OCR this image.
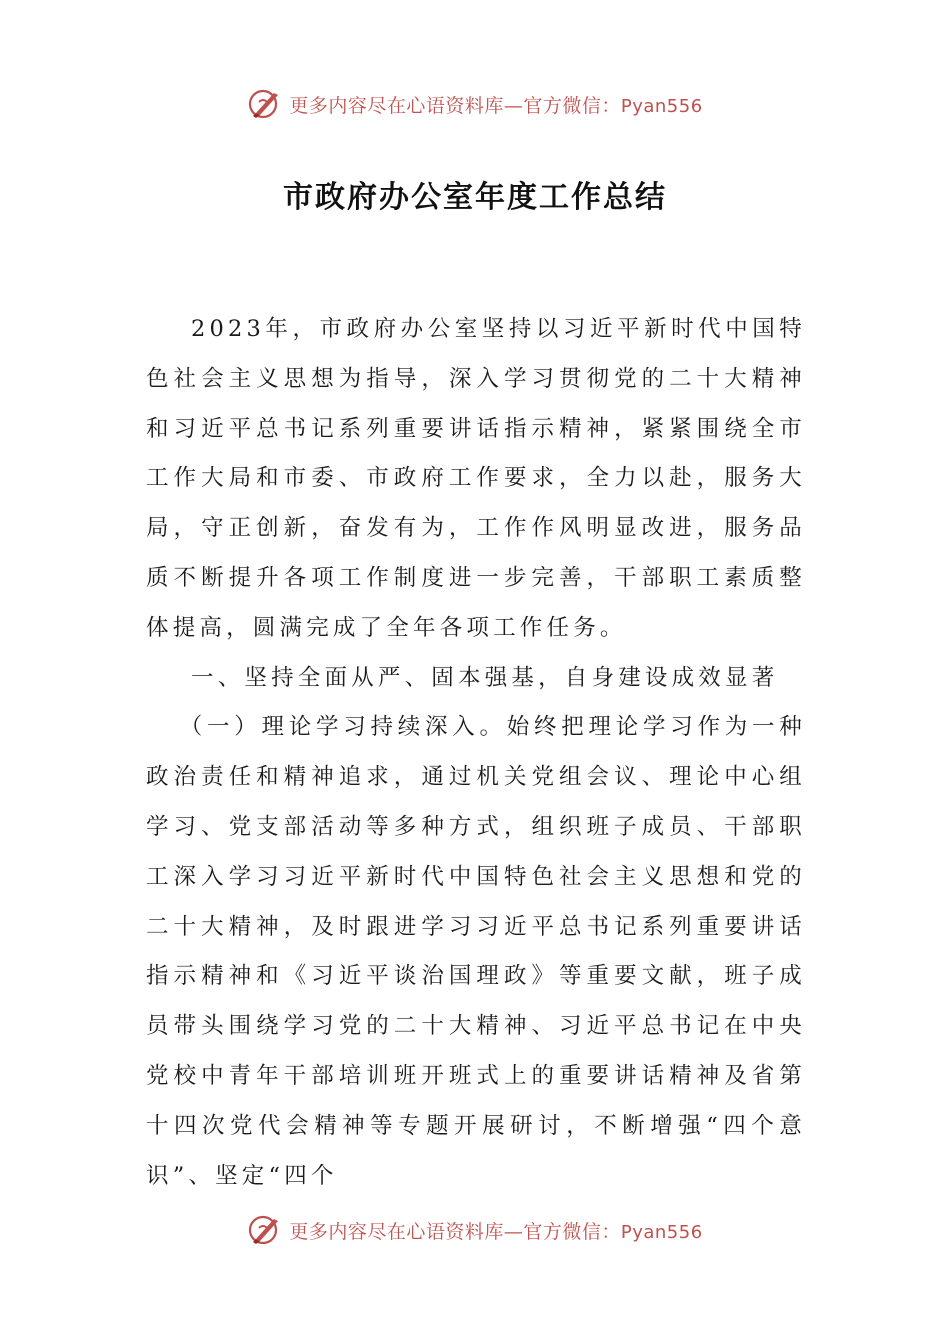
更多内容尽在心语资料库—官方微信：Pyan556
市政府办公室年度工作总结

2023年，市政府办公室坚持以习近平新时代中国特色社会主义思想为指导，深入学习贯彻党的二十大精神和习近平总书记系列重要讲话指示精神，紧紧围绕全市工作大局和市委、市政府工作要求，全力以赴，服务大局，守正创新，奋发有为，工作作风明显改进，服务品质不断提升各项工作制度进一步完善，干部职工素质整体提高，圆满完成了全年各项工作任务。

一、坚持全面从严、固本强基，自身建设成效显著

（一）理论学习持续深入。始终把理论学习作为一种政治责任和精神追求，通过机关党组会议、理论中心组学习、党支部活动等多种方式，组织班子成员、干部职工深入学习习近平新时代中国特色社会主义思想和党的二十大精神，及时跟进学习习近平总书记系列重要讲话指示精神和《习近平谈治国理政》等重要文献，班子成员带头围绕学习党的二十大精神、习近平总书记在中央党校中青年干部培训班开班式上的重要讲话精神及省第十四次党代会精神等专题开展研讨，不断增强“四个意识”、坚定“四个

更多内容尽在心语资料库—官方微信：Pyan556
